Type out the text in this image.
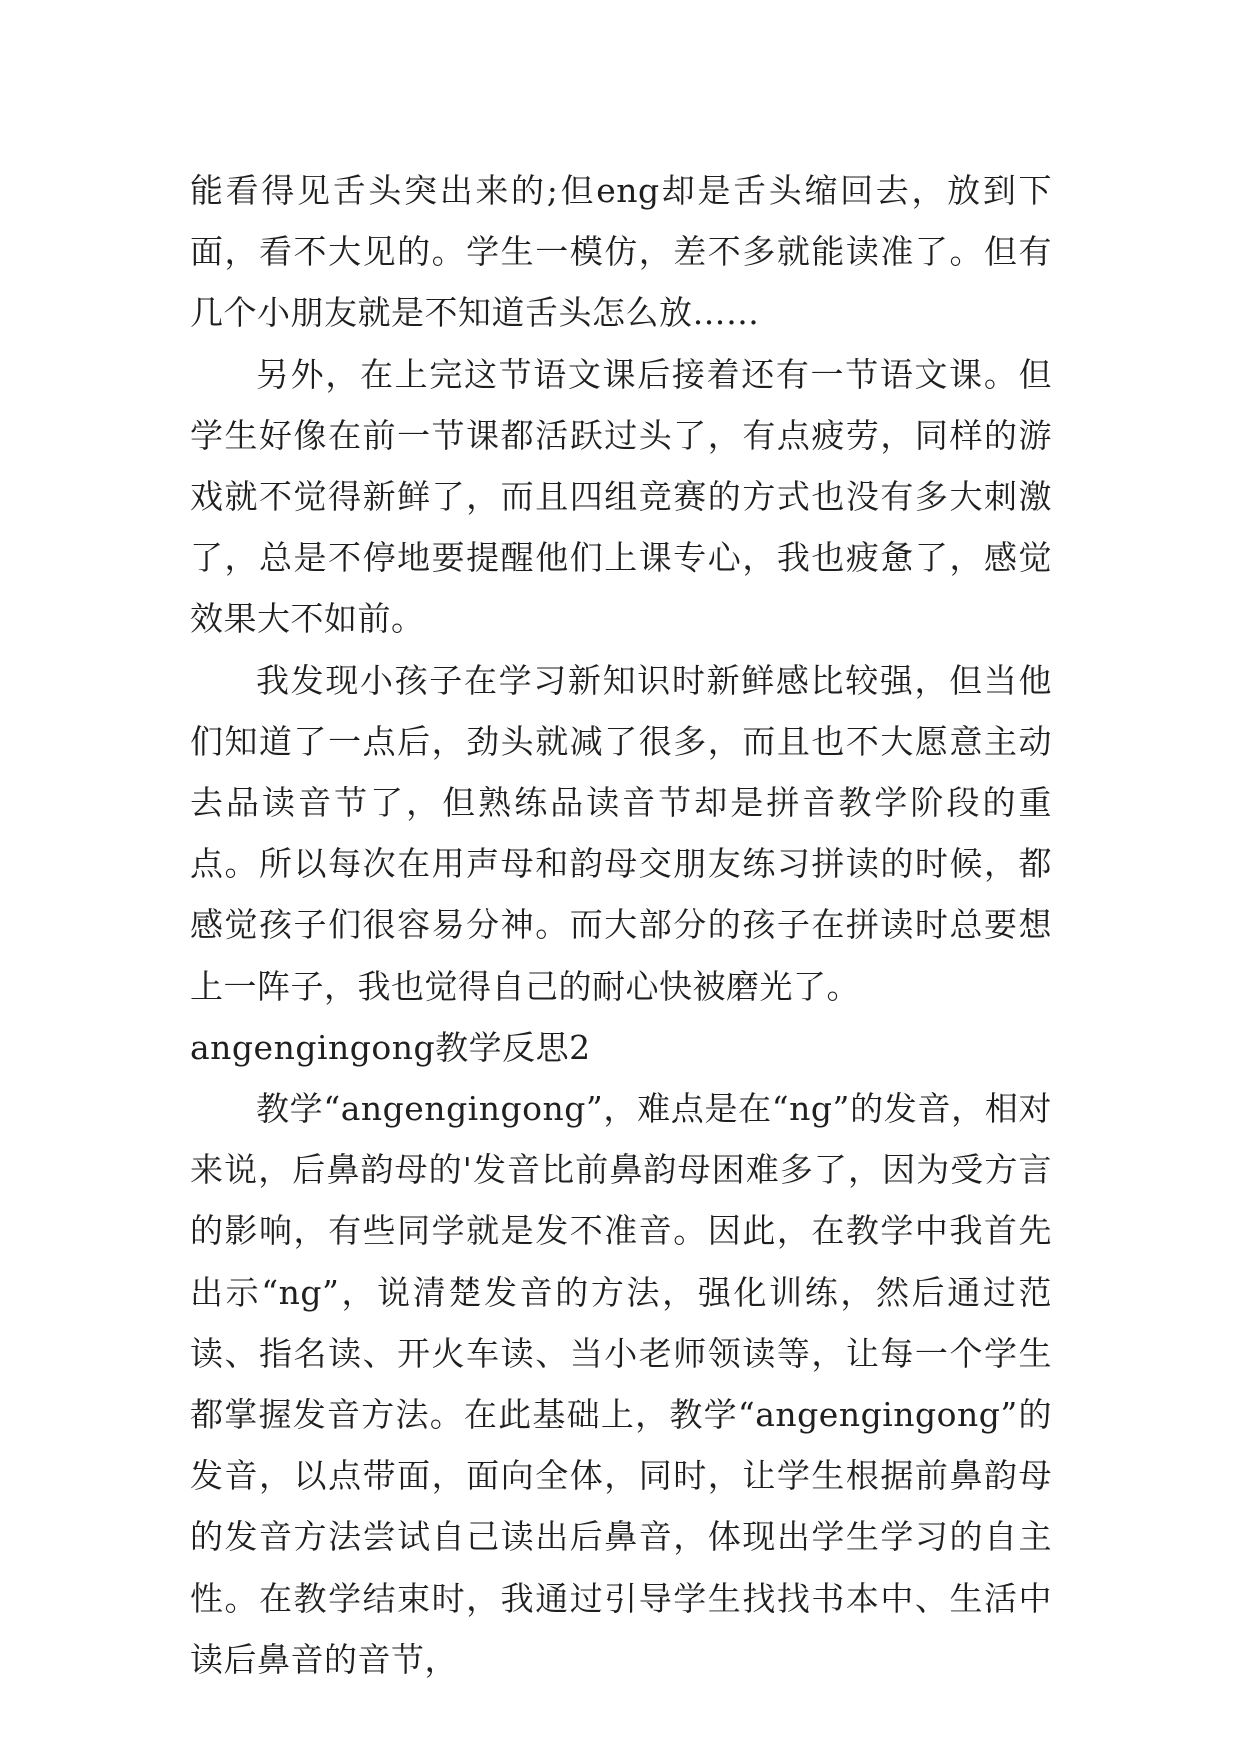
能看得见舌头突出来的;但eng却是舌头缩回去，放到下面，看不大见的。学生一模仿，差不多就能读准了。但有几个小朋友就是不知道舌头怎么放……

另外，在上完这节语文课后接着还有一节语文课。但学生好像在前一节课都活跃过头了，有点疲劳，同样的游戏就不觉得新鲜了，而且四组竞赛的方式也没有多大刺激了，总是不停地要提醒他们上课专心，我也疲惫了，感觉效果大不如前。

我发现小孩子在学习新知识时新鲜感比较强，但当他们知道了一点后，劲头就减了很多，而且也不大愿意主动去品读音节了，但熟练品读音节却是拼音教学阶段的重点。所以每次在用声母和韵母交朋友练习拼读的时候，都感觉孩子们很容易分神。而大部分的孩子在拼读时总要想上一阵子，我也觉得自己的耐心快被磨光了。

angengingong教学反思2

教学“angengingong”，难点是在“ng”的发音，相对来说，后鼻韵母的'发音比前鼻韵母困难多了，因为受方言的影响，有些同学就是发不准音。因此，在教学中我首先出示“ng”，说清楚发音的方法，强化训练，然后通过范读、指名读、开火车读、当小老师领读等，让每一个学生都掌握发音方法。在此基础上，教学“angengingong”的发音，以点带面，面向全体，同时，让学生根据前鼻韵母的发音方法尝试自己读出后鼻音，体现出学生学习的自主性。在教学结束时，我通过引导学生找找书本中、生活中读后鼻音的音节，
